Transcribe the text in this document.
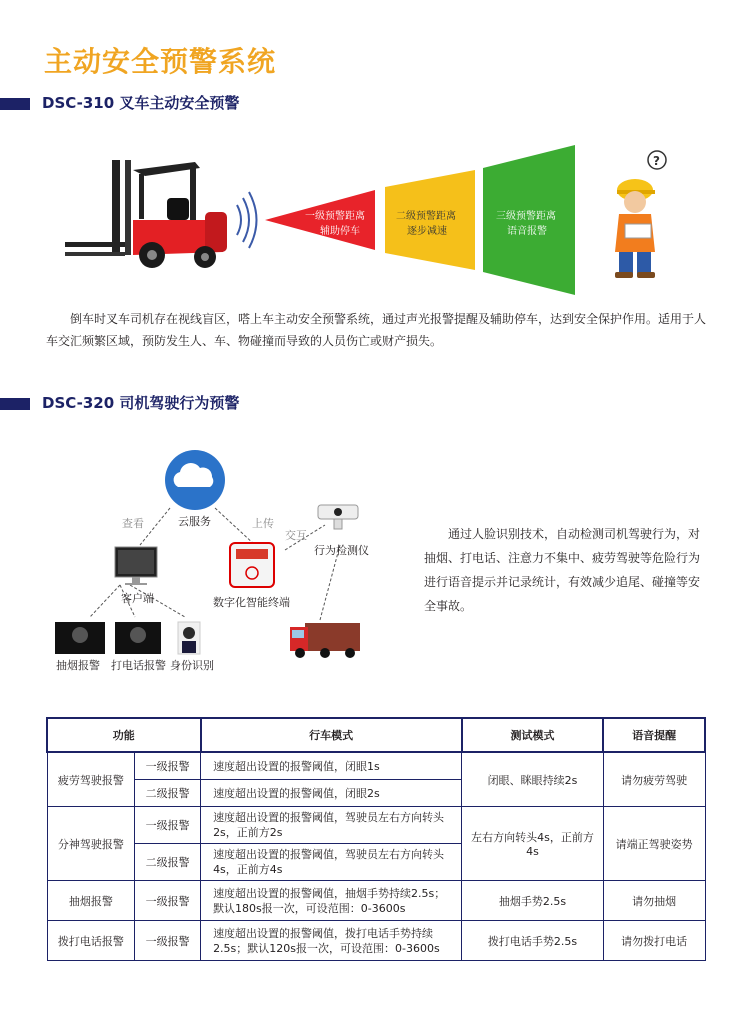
主动安全预警系统
DSC-310 叉车主动安全预警
?
一级预警距离
辅助停车
二级预警距离
逐步减速
三级预警距离
语音报警
倒车时叉车司机存在视线盲区，嗒上车主动安全预警系统，通过声光报警提醒及辅助停车，达到安全保护作用。适用于人车交汇频繁区域，预防发生人、车、物碰撞而导致的人员伤亡或财产损失。
DSC-320 司机驾驶行为预警
云服务
查看	上传
交互
行为检测仪
客户端	数字化智能终端
抽烟报警 打电话报警 身份识别
通过人脸识别技术，自动检测司机驾驶行为，对抽烟、打电话、注意力不集中、疲劳驾驶等危险行为进行语音提示并记录统计，有效减少追尾、碰撞等安全事故。
功能		行车模式	测试模式	语音提醒
疲劳驾驶报警	一级报警	速度超出设置的报警阈值，闭眼1s	闭眼、眯眼持续2s	请勿疲劳驾驶
	二级报警	速度超出设置的报警阈值，闭眼2s		
分神驾驶报警	一级报警	速度超出设置的报警阈值，驾驶员左右方向转头2s，正前方2s	左右方向转头4s，正前方4s	请端正驾驶姿势
	二级报警	速度超出设置的报警阈值，驾驶员左右方向转头4s，正前方4s		
抽烟报警	一级报警	速度超出设置的报警阈值，抽烟手势持续2.5s；默认180s报一次，可设范围：0-3600s	抽烟手势2.5s	请勿抽烟
拨打电话报警	一级报警	速度超出设置的报警阈值，拨打电话手势持续2.5s；默认120s报一次，可设范围：0-3600s	拨打电话手势2.5s	请勿拨打电话
